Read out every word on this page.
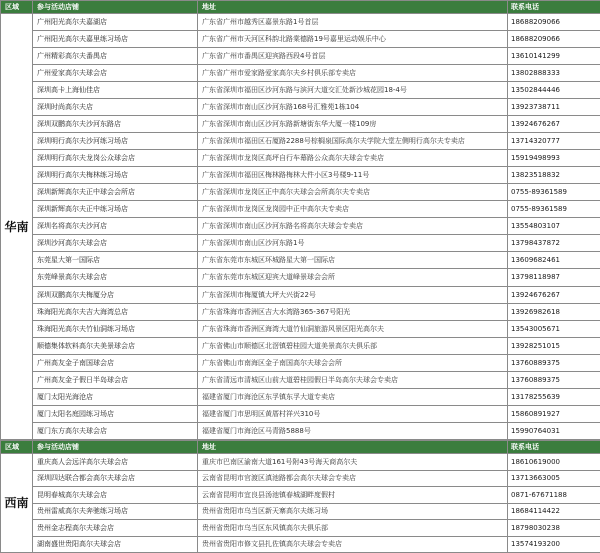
区域	参与活动店铺	地址	联系电话
华南	广州阳光高尔夫嘉湖店	广东省广州市越秀区嘉景东路1号首层	18688209066
	广州阳光高尔夫嘉里练习场店	广东省广州市天河区科韵北路棠德路19号嘉里运动娱乐中心	18688209066
	广州精彩高尔夫番禺店	广东省广州市番禺区迎宾路西段4号首层	13610141299
	广州爱家高尔夫球会店	广东省广州市爱家路爱家高尔夫乡村俱乐部专卖店	13802888333
	深圳高卡上海仙佳店	广东省深圳市福田区沙河东路与滨河大道交汇处新沙城花园18-4号	13502844446
	深圳时尚高尔夫店	广东省深圳市南山区沙河东路168号汇雅苑1栋104	13923738711
	深圳双鹏高尔夫沙河东路店	广东省深圳市南山区沙河东路新塘街东华大厦一楼109房	13924676267
	深圳明行高尔夫沙河练习场店	广东省深圳市福田区石厦路2288号棕榈泉国际高尔夫学院大堂左侧明行高尔夫专卖店	13714320777
	深圳明行高尔夫龙岗公众球会店	广东省深圳市龙岗区高坪自行车幕路公众高尔夫球会专卖店	15919498993
	深圳明行高尔夫梅林练习场店	广东省深圳市福田区梅林路梅林大件小区3号楼9-11号	13823518832
	深圳新辉高尔夫正中球会会所店	广东省深圳市龙岗区正中高尔夫球会会所高尔夫专卖店	0755-89361589
	深圳新辉高尔夫正中练习场店	广东省深圳市龙岗区龙岗园中正中高尔夫专卖店	0755-89361589
	深圳名将高尔夫沙河店	广东省深圳市南山区沙河东路名将高尔夫球会专卖店	13554803107
	深圳沙河高尔夫球会店	广东省深圳市南山区沙河东路1号	13798437872
	东莞星大第一国际店	广东省东莞市东城区环城路星大第一国际店	13609682461
	东莞峰景高尔夫球会店	广东省东莞市东城区迎宾大道峰景球会会所	13798118987
	深圳双鹏高尔夫梅厦分店	广东省深圳市梅厦镇大坪大兴街22号	13924676267
	珠海阳光高尔夫吉大海湾总店	广东省珠海市香洲区吉大水湾路365-367号阳光	13926982618
	珠海阳光高尔夫竹仙洞练习场店	广东省珠海市香洲区海湾大道竹仙洞旅游风景区阳光高尔夫	13543005671
	顺德集体软料高尔夫美景球会店	广东省佛山市顺德区北滘镇碧桂园大道美景高尔夫俱乐部	13928251015
	广州高友金子南国球会店	广东省佛山市南海区金子南国高尔夫球会会所	13760889375
	广州高友金子假日半岛球会店	广东省清远市清城区山前大道碧桂园假日半岛高尔夫球会专卖店	13760889375
	厦门太阳光海沧店	福建省厦门市海沧区东孚镇东孚大道专卖店	13178255639
	厦门太阳名庭园练习场店	福建省厦门市思明区黄厝村祥兴310号	15860891927
	厦门东方高尔夫球会店	福建省厦门市海沧区马青路5888号	15990764031
区域	参与活动店铺	地址	联系电话
西南	重庆高人会远洋高尔夫球会店	重庆市巴南区渝南大道161号附43号海天商高尔夫	18610619000
	深圳四达联合都会高尔夫球会店	云南省昆明市官渡区滇池路都会高尔夫球会专卖店	13713663005
	昆明春城高尔夫球会店	云南省昆明市宜良县汤池镇春城湖畔度假村	0871-67671188
	贵州雷威高尔夫奔驰练习场店	贵州省贵阳市乌当区新天寨高尔夫练习场	18684114422
	贵州金志程高尔夫球会店	贵州省贵阳市乌当区东风镇高尔夫俱乐部	18798030238
	湖南盛世贵阳高尔夫球会店	贵州省贵阳市修文县扎佐镇高尔夫球会专卖店	13574193200
